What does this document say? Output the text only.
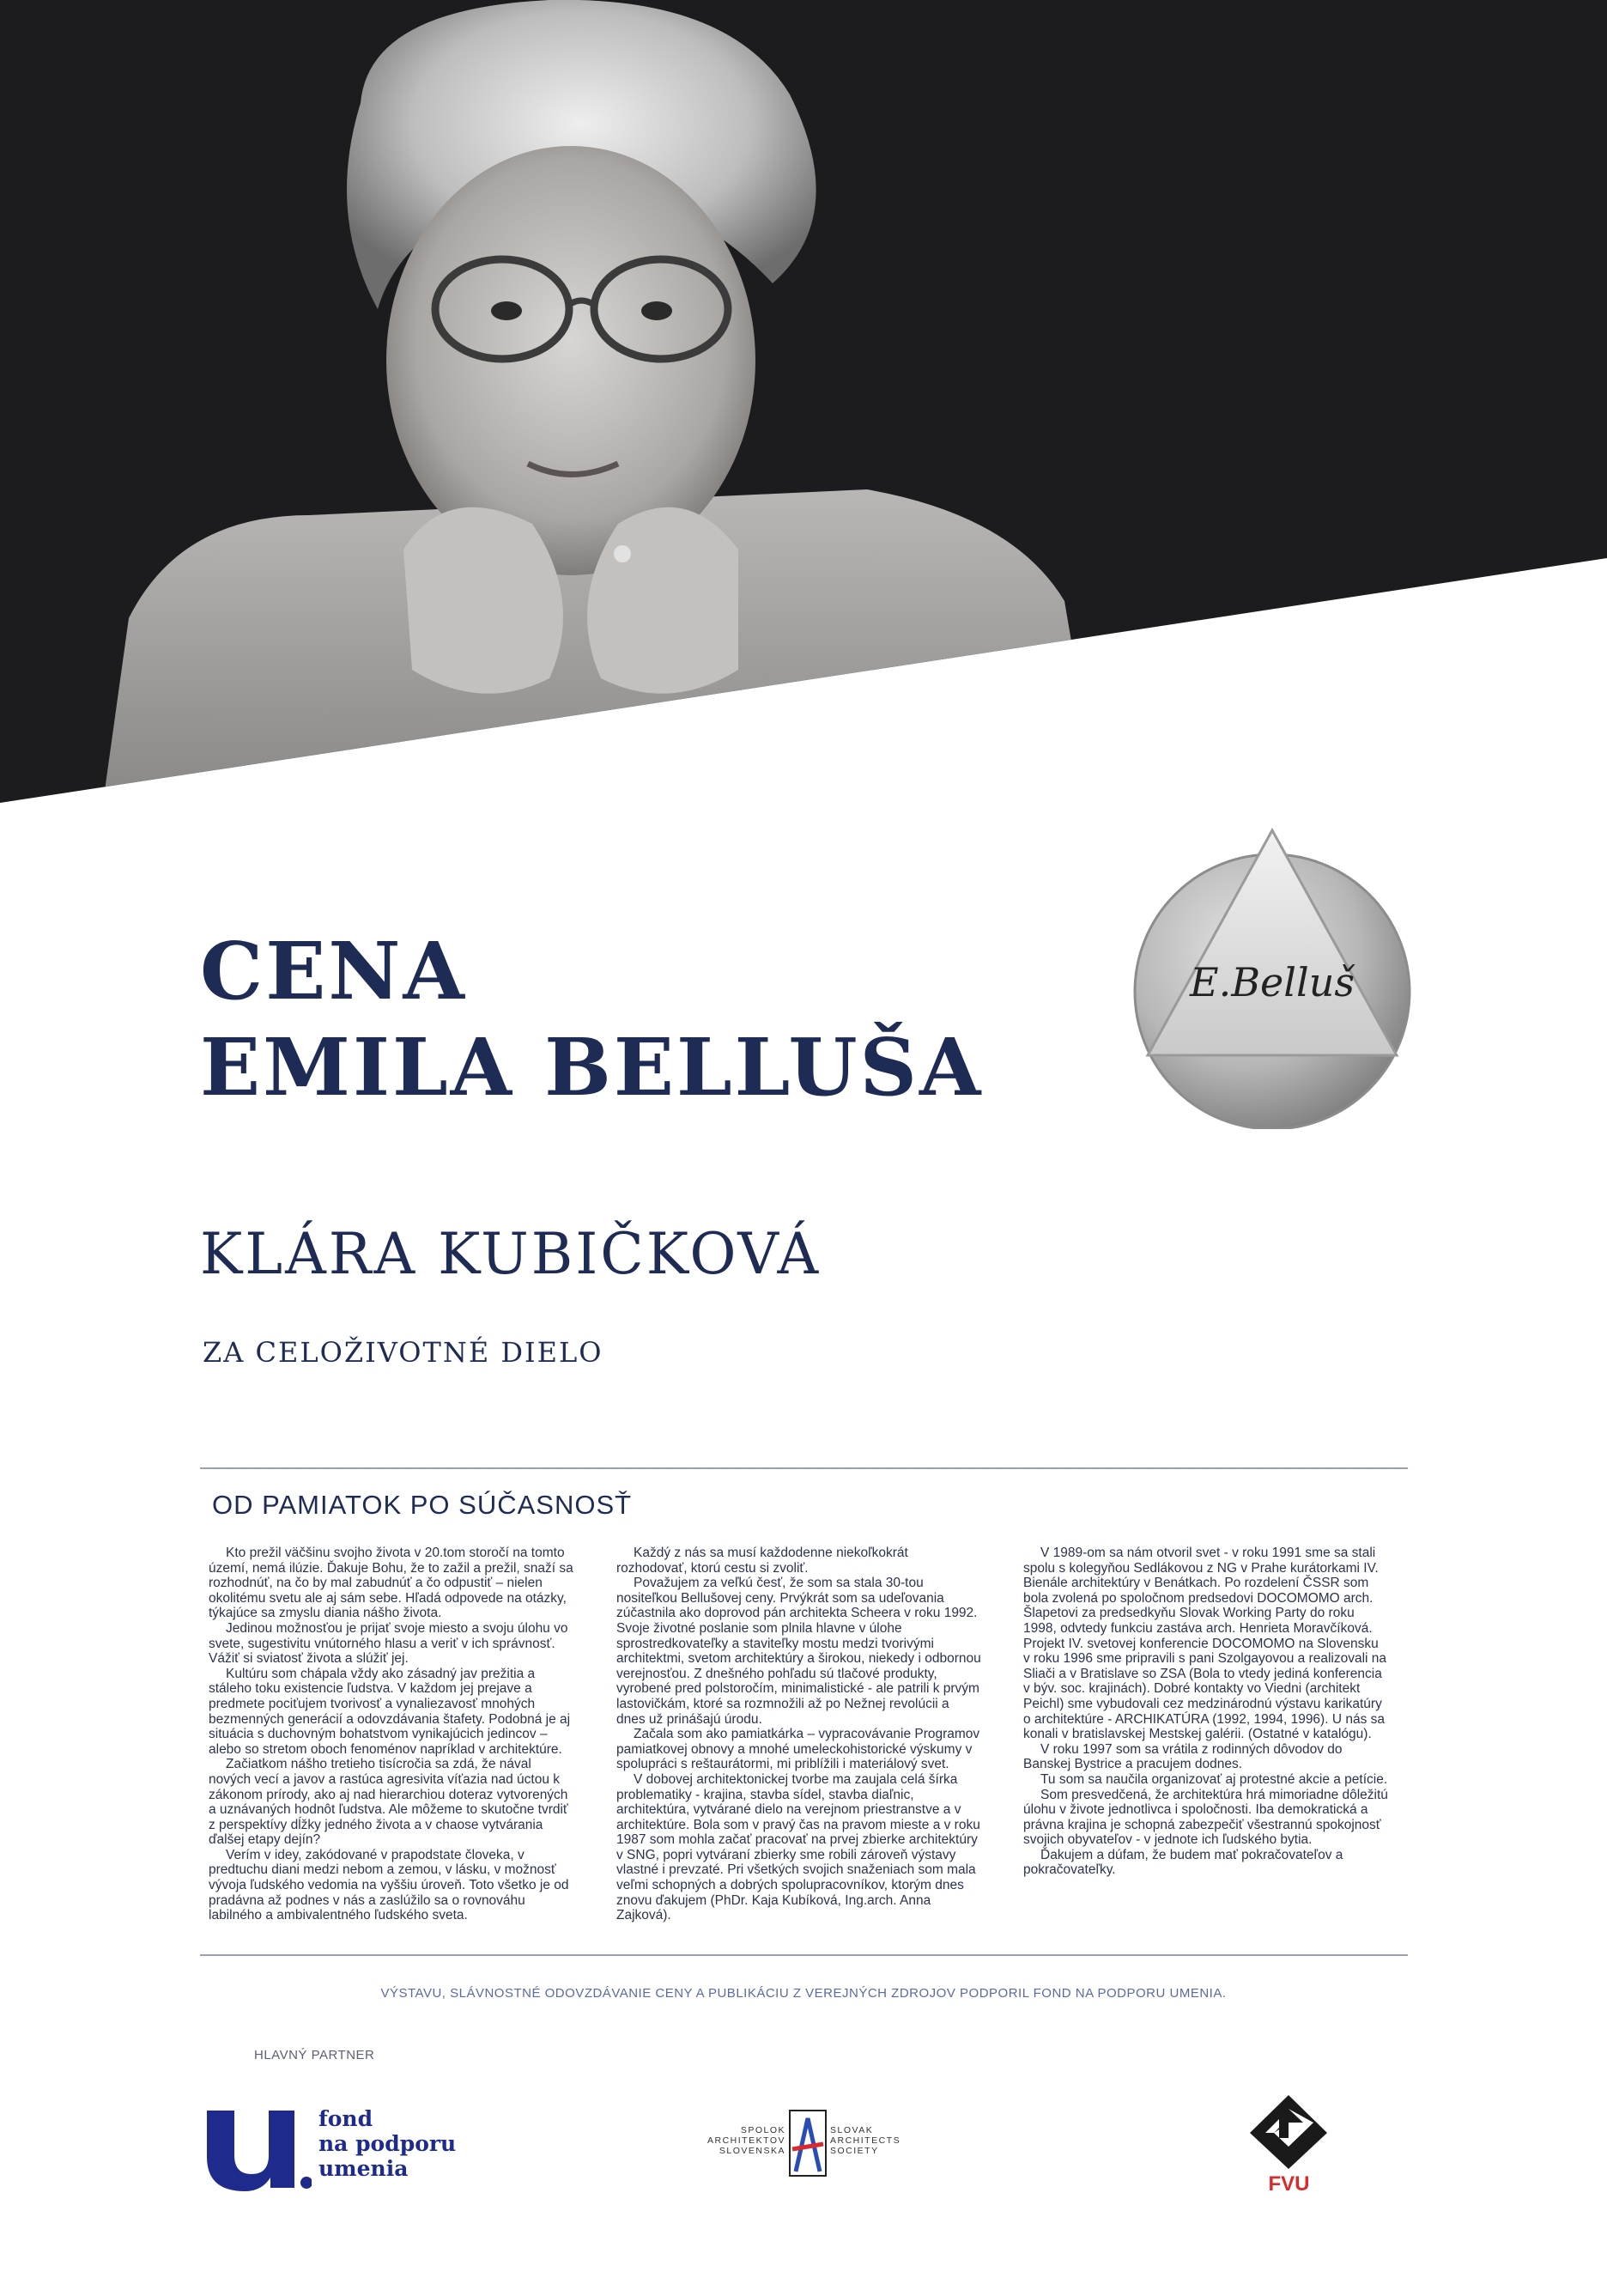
CENA
EMILA BELLUŠA
E.Belluš
KLÁRA KUBIČKOVÁ

ZA CELOŽIVOTNÉ DIELO

OD PAMIATOK PO SÚČASNOSŤ

Kto prežil väčšinu svojho života v 20.tom storočí na tomto území, nemá ilúzie. Ďakuje Bohu, že to zažil a prežil, snaží sa rozhodnúť, na čo by mal zabudnúť a čo odpustiť – nielen okolitému svetu ale aj sám sebe. Hľadá odpovede na otázky, týkajúce sa zmyslu diania nášho života.

Jedinou možnosťou je prijať svoje miesto a svoju úlohu vo svete, sugestivitu vnútorného hlasu a veriť v ich správnosť. Vážiť si sviatosť života a slúžiť jej.

Kultúru som chápala vždy ako zásadný jav prežitia a stáleho toku existencie ľudstva. V každom jej prejave a predmete pociťujem tvorivosť a vynaliezavosť mnohých bezmenných generácií a odovzdávania štafety. Podobná je aj situácia s duchovným bohatstvom vynikajúcich jedincov – alebo so stretom oboch fenoménov napríklad v architektúre.

Začiatkom nášho tretieho tisícročia sa zdá, že nával nových vecí a javov a rastúca agresivita víťazia nad úctou k zákonom prírody, ako aj nad hierarchiou doteraz vytvorených a uznávaných hodnôt ľudstva. Ale môžeme to skutočne tvrdiť z perspektívy dĺžky jedného života a v chaose vytvárania ďalšej etapy dejín?

Verím v idey, zakódované v prapodstate človeka, v predtuchu diani medzi nebom a zemou, v lásku, v možnosť vývoja ľudského vedomia na vyššiu úroveň. Toto všetko je od pradávna až podnes v nás a zaslúžilo sa o rovnováhu labilného a ambivalentného ľudského sveta.

Každý z nás sa musí každodenne niekoľkokrát rozhodovať, ktorú cestu si zvoliť.

Považujem za veľkú česť, že som sa stala 30-tou nositeľkou Bellušovej ceny. Prvýkrát som sa udeľovania zúčastnila ako doprovod pán architekta Scheera v roku 1992. Svoje životné poslanie som plnila hlavne v úlohe sprostredkovateľky a staviteľky mostu medzi tvorivými architektmi, svetom architektúry a širokou, niekedy i odbornou verejnosťou. Z dnešného pohľadu sú tlačové produkty, vyrobené pred polstoročím, minimalistické - ale patrili k prvým lastovičkám, ktoré sa rozmnožili až po Nežnej revolúcii a dnes už prinášajú úrodu.

Začala som ako pamiatkárka – vypracovávanie Programov pamiatkovej obnovy a mnohé umeleckohistorické výskumy v spolupráci s reštaurátormi, mi priblížili i materiálový svet.

V dobovej architektonickej tvorbe ma zaujala celá šírka problematiky - krajina, stavba sídel, stavba diaľnic, architektúra, vytvárané dielo na verejnom priestranstve a v architektúre. Bola som v pravý čas na pravom mieste a v roku 1987 som mohla začať pracovať na prvej zbierke architektúry v SNG, popri vytváraní zbierky sme robili zároveň výstavy vlastné i prevzaté. Pri všetkých svojich snaženiach som mala veľmi schopných a dobrých spolupracovníkov, ktorým dnes znovu ďakujem (PhDr. Kaja Kubíková, Ing.arch. Anna Zajková).

V 1989-om sa nám otvoril svet - v roku 1991 sme sa stali spolu s kolegyňou Sedlákovou z NG v Prahe kurátorkami IV. Bienále architektúry v Benátkach. Po rozdelení ČSSR som bola zvolená po spoločnom predsedovi DOCOMOMO arch. Šlapetovi za predsedkyňu Slovak Working Party do roku 1998, odvtedy funkciu zastáva arch. Henrieta Moravčíková. Projekt IV. svetovej konferencie DOCOMOMO na Slovensku v roku 1996 sme pripravili s pani Szolgayovou a realizovali na Sliači a v Bratislave so ZSA (Bola to vtedy jediná konferencia v býv. soc. krajinách). Dobré kontakty vo Viedni (architekt Peichl) sme vybudovali cez medzinárodnú výstavu karikatúry o architektúre - ARCHIKATÚRA (1992, 1994, 1996). U nás sa konali v bratislavskej Mestskej galérii. (Ostatné v katalógu).

V roku 1997 som sa vrátila z rodinných dôvodov do Banskej Bystrice a pracujem dodnes.

Tu som sa naučila organizovať aj protestné akcie a petície.

Som presvedčená, že architektúra hrá mimoriadne dôležitú úlohu v živote jednotlivca i spoločnosti. Iba demokratická a právna krajina je schopná zabezpečiť všestrannú spokojnosť svojich obyvateľov - v jednote ich ľudského bytia.

Ďakujem a dúfam, že budem mať pokračovateľov a pokračovateľky.

VÝSTAVU, SLÁVNOSTNÉ ODOVZDÁVANIE CENY A PUBLIKÁCIU Z VEREJNÝCH ZDROJOV PODPORIL FOND NA PODPORU UMENIA.
HLAVNÝ PARTNER
fond
na podporu
umenia
SPOLOK
ARCHITEKTOV
SLOVENSKA
SLOVAK
ARCHITECTS
SOCIETY
FVU
